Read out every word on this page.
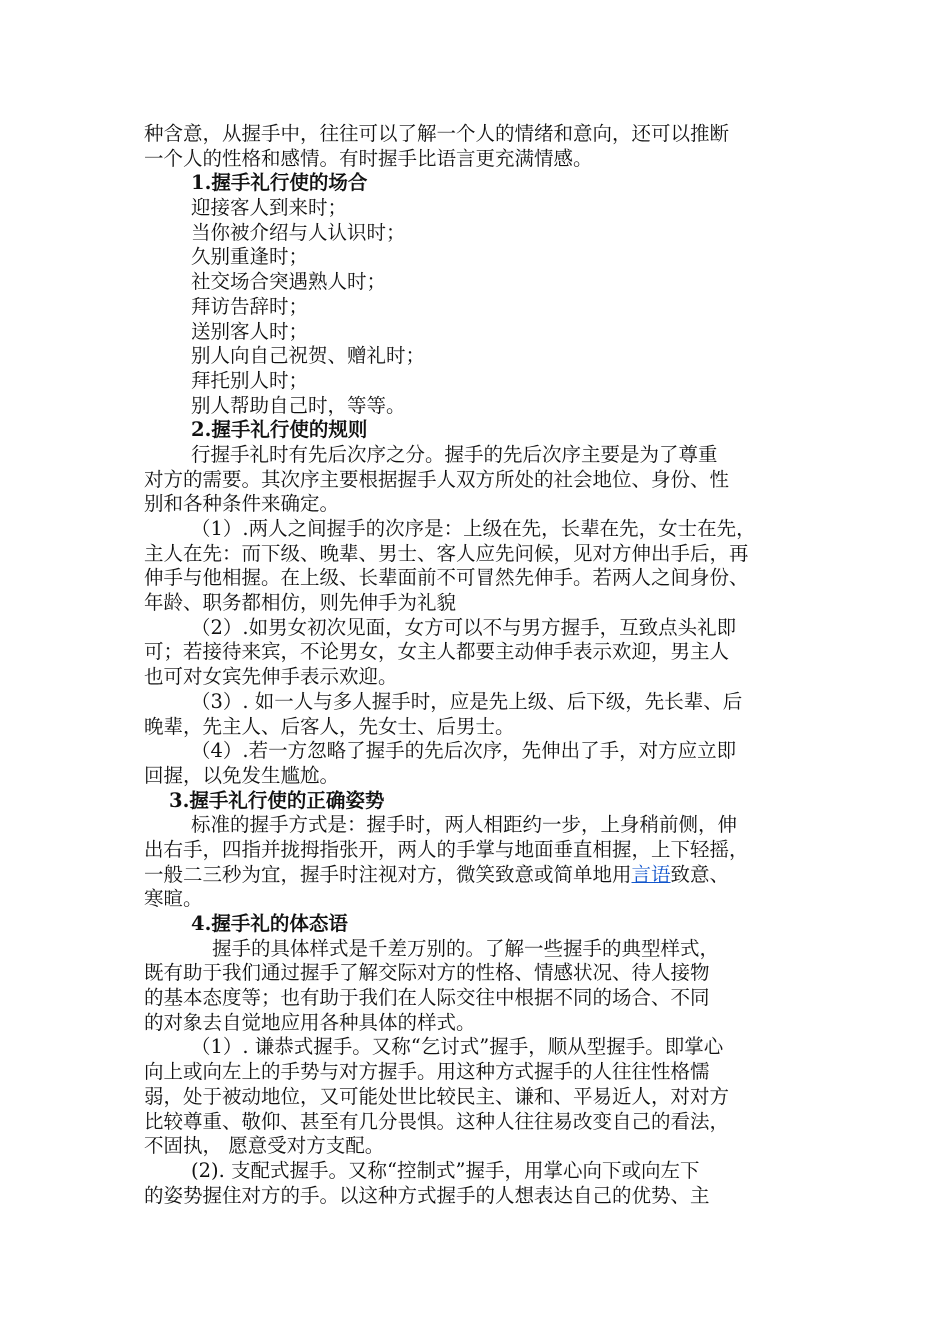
种含意，从握手中，往往可以了解一个人的情绪和意向，还可以推断
一个人的性格和感情。有时握手比语言更充满情感。
1.握手礼行使的场合
迎接客人到来时；
当你被介绍与人认识时；
久别重逢时；
社交场合突遇熟人时；
拜访告辞时；
送别客人时；
别人向自己祝贺、赠礼时；
拜托别人时；
别人帮助自己时，等等。
2.握手礼行使的规则
行握手礼时有先后次序之分。握手的先后次序主要是为了尊重
对方的需要。其次序主要根据握手人双方所处的社会地位、身份、性
别和各种条件来确定。
（1）.两人之间握手的次序是：上级在先，长辈在先，女士在先，
主人在先：而下级、晚辈、男士、客人应先问候，见对方伸出手后，再
伸手与他相握。在上级、长辈面前不可冒然先伸手。若两人之间身份、
年龄、职务都相仿，则先伸手为礼貌
（2）.如男女初次见面，女方可以不与男方握手，互致点头礼即
可；若接待来宾，不论男女，女主人都要主动伸手表示欢迎，男主人
也可对女宾先伸手表示欢迎。
（3）. 如一人与多人握手时，应是先上级、后下级，先长辈、后
晚辈，先主人、后客人，先女士、后男士。
（4）.若一方忽略了握手的先后次序，先伸出了手，对方应立即
回握，以免发生尴尬。
3.握手礼行使的正确姿势
标准的握手方式是：握手时，两人相距约一步，上身稍前侧，伸
出右手，四指并拢拇指张开，两人的手掌与地面垂直相握，上下轻摇，
一般二三秒为宜，握手时注视对方，微笑致意或简单地用言语致意、
寒暄。
4.握手礼的体态语
握手的具体样式是千差万别的。了解一些握手的典型样式，
既有助于我们通过握手了解交际对方的性格、情感状况、待人接物
的基本态度等；也有助于我们在人际交往中根据不同的场合、不同
的对象去自觉地应用各种具体的样式。
（1）. 谦恭式握手。又称“乞讨式”握手，顺从型握手。即掌心
向上或向左上的手势与对方握手。用这种方式握手的人往往性格懦
弱，处于被动地位，又可能处世比较民主、谦和、平易近人，对对方
比较尊重、敬仰、甚至有几分畏惧。这种人往往易改变自己的看法，
不固执， 愿意受对方支配。
(2). 支配式握手。又称“控制式”握手，用掌心向下或向左下
的姿势握住对方的手。以这种方式握手的人想表达自己的优势、主
